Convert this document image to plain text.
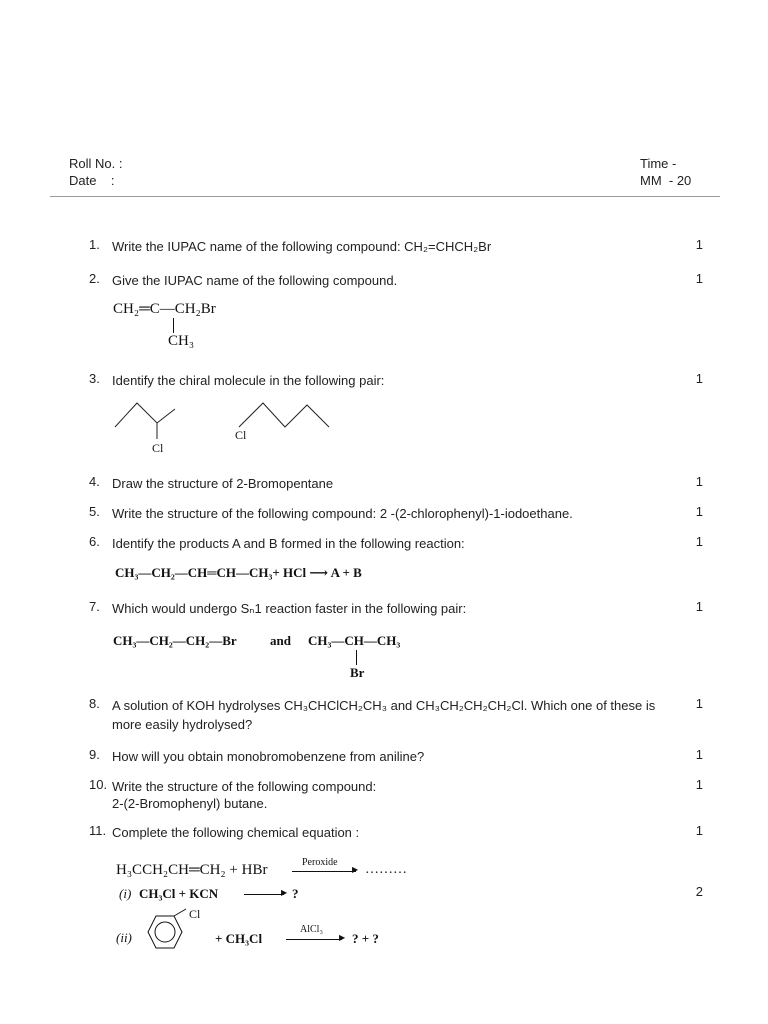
Roll No. :
Date    :
Time -
MM  - 20
1. Write the IUPAC name of the following compound: CH₂=CHCH₂Br	1
2. Give the IUPAC name of the following compound.	1
CH₂═C—CH₂Br
CH₃
3. Identify the chiral molecule in the following pair:	1
Cl
Cl
4. Draw the structure of 2-Bromopentane	1
5. Write the structure of the following compound: 2 -(2-chlorophenyl)-1-iodoethane.	1
6. Identify the products A and B formed in the following reaction:	1
CH₃—CH₂—CH═CH—CH₃+ HCl ⟶ A + B
7. Which would undergo Sₙ1 reaction faster in the following pair:	1
CH₃—CH₂—CH₂—Br	and CH₃—CH—CH₃
Br
8. A solution of KOH hydrolyses CH₃CHClCH₂CH₃ and CH₃CH₂CH₂CH₂Cl. Which one of these is more easily hydrolysed?
1
9. How will you obtain monobromobenzene from aniline?	1
10. Write the structure of the following compound:
2-(2-Bromophenyl) butane.
1
11. Complete the following chemical equation :	1
H₃CCH₂CH═CH₂ + HBr	Peroxide
▶ ………
2
(i) CH₃Cl + KCN	▶ ?
(ii)
Cl
+ CH₃Cl
AlCl₃
▶ ? + ?
